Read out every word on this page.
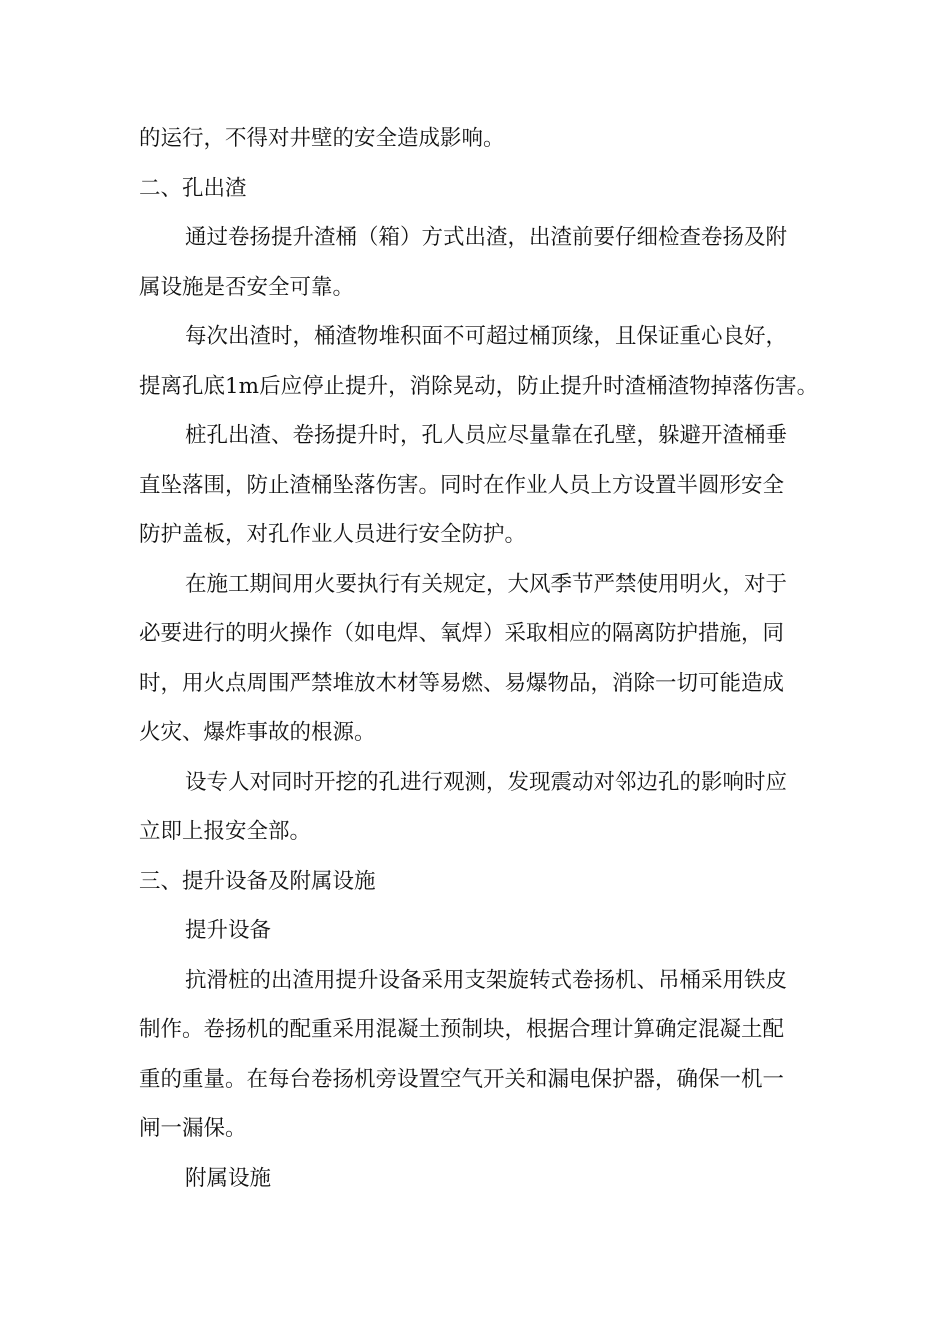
的运行，不得对井壁的安全造成影响。
二、孔出渣
通过卷扬提升渣桶（箱）方式出渣，出渣前要仔细检查卷扬及附
属设施是否安全可靠。
每次出渣时，桶渣物堆积面不可超过桶顶缘，且保证重心良好，
提离孔底1m后应停止提升，消除晃动，防止提升时渣桶渣物掉落伤害。
桩孔出渣、卷扬提升时，孔人员应尽量靠在孔壁，躲避开渣桶垂
直坠落围，防止渣桶坠落伤害。同时在作业人员上方设置半圆形安全
防护盖板，对孔作业人员进行安全防护。
在施工期间用火要执行有关规定，大风季节严禁使用明火，对于
必要进行的明火操作（如电焊、氧焊）采取相应的隔离防护措施，同
时，用火点周围严禁堆放木材等易燃、易爆物品，消除一切可能造成
火灾、爆炸事故的根源。
设专人对同时开挖的孔进行观测，发现震动对邻边孔的影响时应
立即上报安全部。
三、提升设备及附属设施
提升设备
抗滑桩的出渣用提升设备采用支架旋转式卷扬机、吊桶采用铁皮
制作。卷扬机的配重采用混凝土预制块，根据合理计算确定混凝土配
重的重量。在每台卷扬机旁设置空气开关和漏电保护器，确保一机一
闸一漏保。
附属设施
